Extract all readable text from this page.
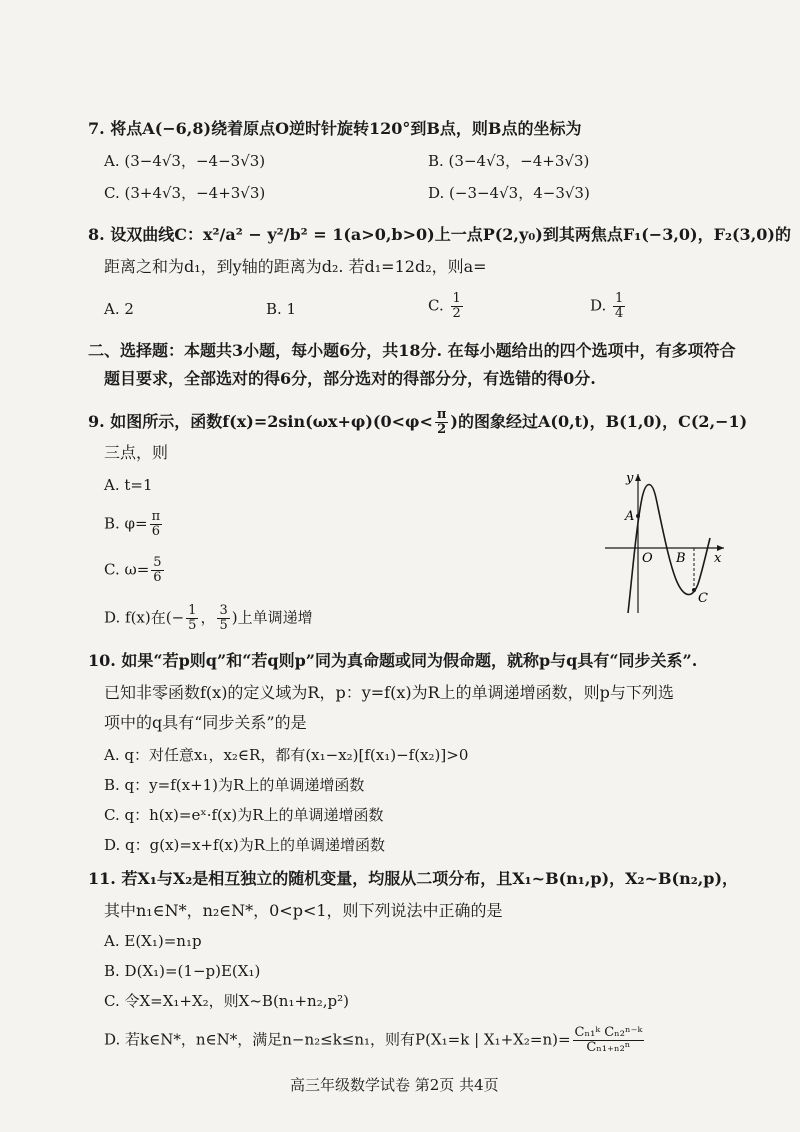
7. 将点A(−6,8)绕着原点O逆时针旋转120°到B点，则B点的坐标为
A. (3−4√3，−4−3√3)	B. (3−4√3，−4+3√3)
C. (3+4√3，−4+3√3)	D. (−3−4√3，4−3√3)
8. 设双曲线C：x²/a² − y²/b² = 1(a>0,b>0)上一点P(2,y₀)到其两焦点F₁(−3,0)，F₂(3,0)的
距离之和为d₁，到y轴的距离为d₂. 若d₁=12d₂，则a=
A. 2	B. 1	C. $\frac{1}{2}$	D. $\frac{1}{4}$
二、选择题：本题共3小题，每小题6分，共18分. 在每小题给出的四个选项中，有多项符合
题目要求，全部选对的得6分，部分选对的得部分分，有选错的得0分.
9. 如图所示，函数$f(x)=2\sin(\omega x+\varphi)(0<\varphi< \frac{\pi}{2}$ )的图象经过A(0,t)，B(1,0)，C(2,−1)
三点，则
A. t=1
B. $\varphi= \frac{\pi}{6}$
C. $\omega= \frac{5}{6}$
D. f(x)在(− $\frac{1}{5}$ ， $\frac{3}{5}$ )上单调递增
y
x
O
A
B
C
10. 如果“若p则q”和“若q则p”同为真命题或同为假命题，就称p与q具有“同步关系”.
已知非零函数f(x)的定义域为R，p：y=f(x)为R上的单调递增函数，则p与下列选
项中的q具有“同步关系”的是
A. q：对任意x₁，x₂∈R，都有(x₁−x₂)[f(x₁)−f(x₂)]>0
B. q：y=f(x+1)为R上的单调递增函数
C. q：h(x)=eˣ·f(x)为R上的单调递增函数
D. q：g(x)=x+f(x)为R上的单调递增函数
11. 若X₁与X₂是相互独立的随机变量，均服从二项分布，且X₁~B(n₁,p)，X₂~B(n₂,p)，
其中n₁∈N*，n₂∈N*，0<p<1，则下列说法中正确的是
A. E(X₁)=n₁p
B. D(X₁)=(1−p)E(X₁)
C. 令X=X₁+X₂，则X~B(n₁+n₂,p²)
D. 若k∈N*，n∈N*，满足n−n₂≤k≤n₁，则有P(X₁=k | $X_1+X_2=n)= \frac{\text{Cₙ₁ᵏ Cₙ₂ⁿ⁻ᵏ}}{\text{Cₙ₁₊ₙ₂ⁿ}}$
高三年级数学试卷 第2页 共4页
